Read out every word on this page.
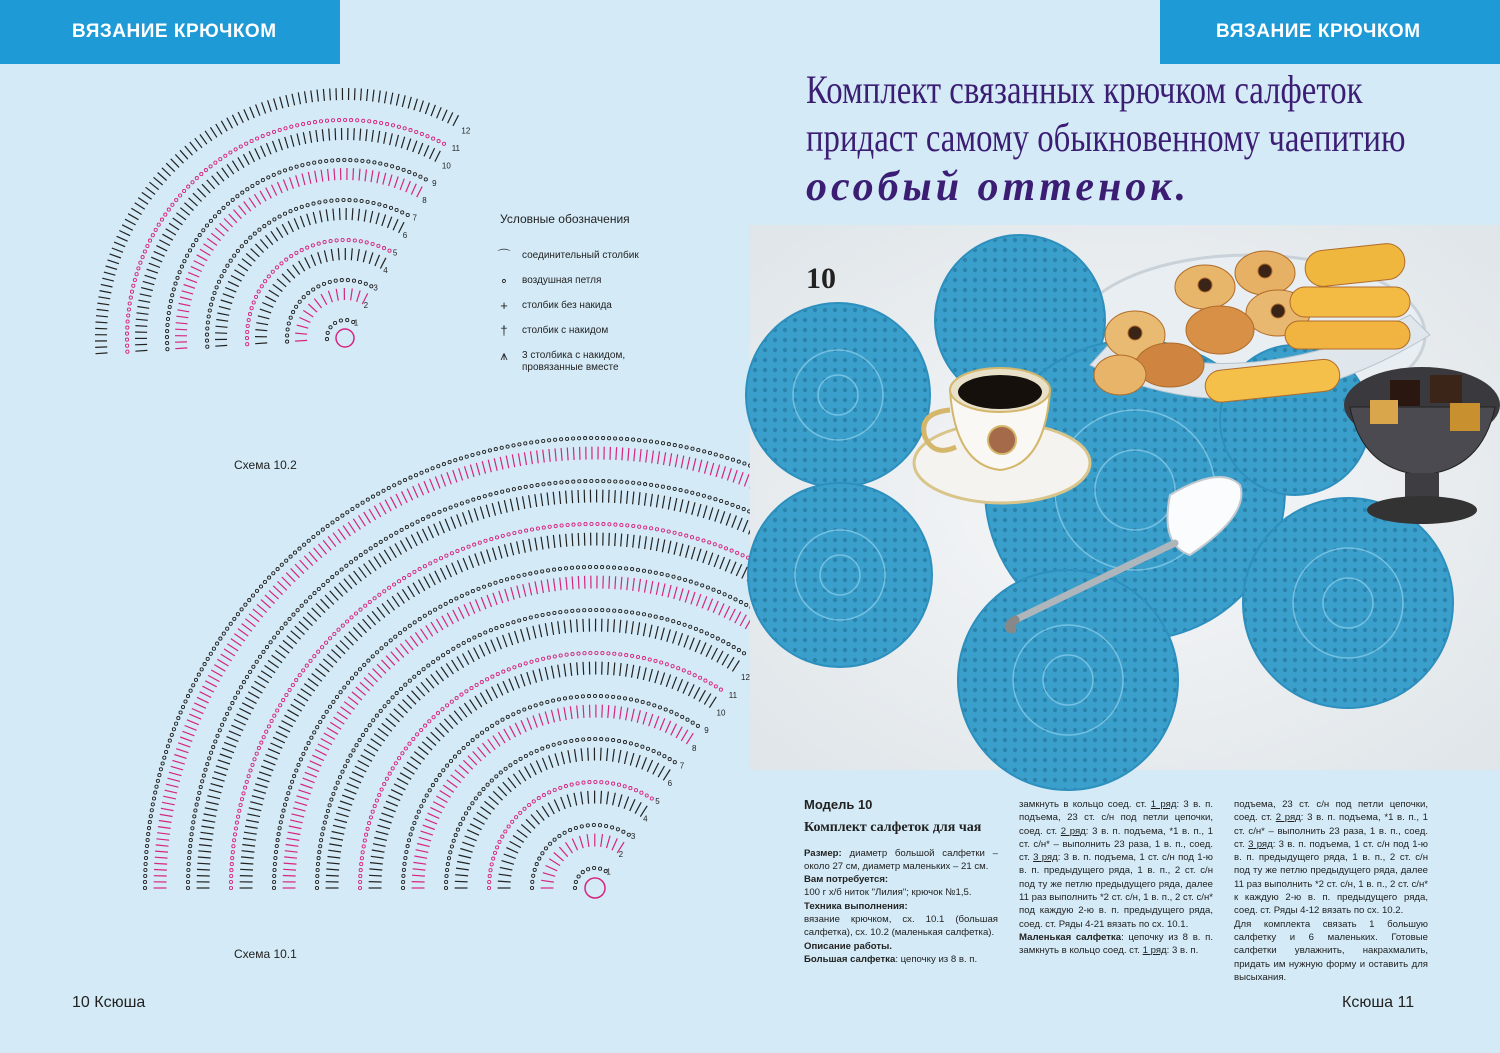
ВЯЗАНИЕ КРЮЧКОМ	ВЯЗАНИЕ КРЮЧКОМ
1
2
3
4
5
6
7
8
9
10
11
12
1
2
3
4
5
6
7
8
9
10
11
12
Условные обозначения
⌒	соединительный столбик
∘	воздушная петля
+	столбик без накида
†	столбик с накидом
⩚	3 столбика с накидом, провязанные вместе
Схема 10.2
Схема 10.1
Комплект связанных крючком салфеток
придаст самому обыкновенному чаепитию
особый оттенок.
10
Модель 10
Комплект салфеток для чая
Размер: диаметр большой салфетки – около 27 см, диаметр маленьких – 21 см.
Вам потребуется:
100 г х/б ниток "Лилия"; крючок №1,5.
Техника выполнения:
вязание крючком, сх. 10.1 (большая салфетка), сх. 10.2 (маленькая салфетка).
Описание работы.
Большая салфетка: цепочку из 8 в. п.
замкнуть в кольцо соед. ст. 1 ряд: 3 в. п. подъема, 23 ст. с/н под петли цепочки, соед. ст. 2 ряд: 3 в. п. подъема, *1 в. п., 1 ст. с/н* – выполнить 23 раза, 1 в. п., соед. ст. 3 ряд: 3 в. п. подъема, 1 ст. с/н под 1-ю в. п. предыдущего ряда, 1 в. п., 2 ст. с/н под ту же петлю предыдущего ряда, далее 11 раз выполнить *2 ст. с/н, 1 в. п., 2 ст. с/н* под каждую 2-ю в. п. предыдущего ряда, соед. ст. Ряды 4-21 вязать по сх. 10.1.
Маленькая салфетка: цепочку из 8 в. п. замкнуть в кольцо соед. ст. 1 ряд: 3 в. п.
подъема, 23 ст. с/н под петли цепочки, соед. ст. 2 ряд: 3 в. п. подъема, *1 в. п., 1 ст. с/н* – выполнить 23 раза, 1 в. п., соед. ст. 3 ряд: 3 в. п. подъема, 1 ст. с/н под 1-ю в. п. предыдущего ряда, 1 в. п., 2 ст. с/н под ту же петлю предыдущего ряда, далее 11 раз выполнить *2 ст. с/н, 1 в. п., 2 ст. с/н* к каждую 2-ю в. п. предыдущего ряда, соед. ст. Ряды 4-12 вязать по сх. 10.2.
Для комплекта связать 1 большую салфетку и 6 маленьких. Готовые салфетки увлажнить, накрахмалить, придать им нужную форму и оставить для высыхания.
10 Ксюша	Ксюша 11
